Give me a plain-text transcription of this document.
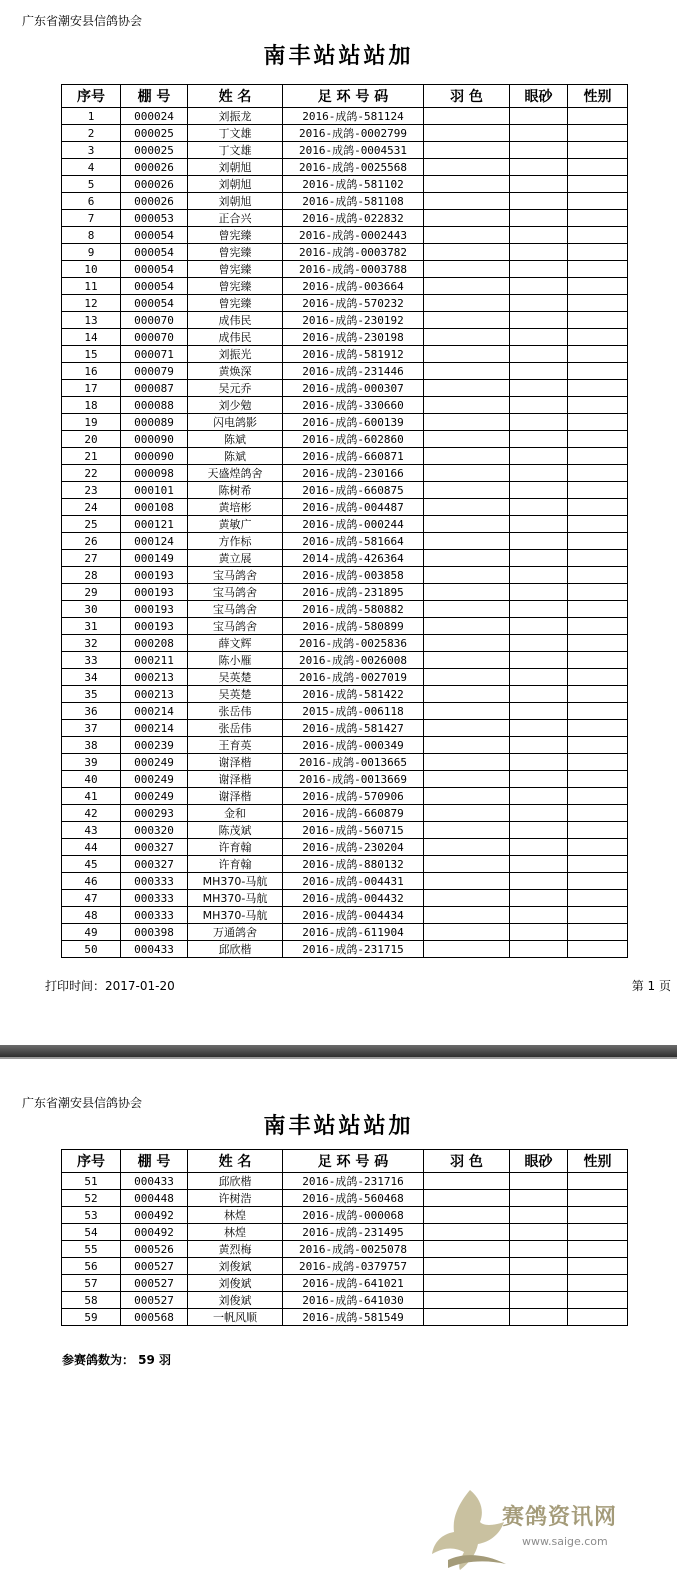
广东省潮安县信鸽协会
南丰站站站加
序号	棚 号	姓 名	足 环 号 码	羽 色	眼砂	性别
1	000024	刘振龙	2016-成鸽-581124			
2	000025	丁文雄	2016-成鸽-0002799			
3	000025	丁文雄	2016-成鸽-0004531			
4	000026	刘朝旭	2016-成鸽-0025568			
5	000026	刘朝旭	2016-成鸽-581102			
6	000026	刘朝旭	2016-成鸽-581108			
7	000053	正合兴	2016-成鸽-022832			
8	000054	曾宪臻	2016-成鸽-0002443			
9	000054	曾宪臻	2016-成鸽-0003782			
10	000054	曾宪臻	2016-成鸽-0003788			
11	000054	曾宪臻	2016-成鸽-003664			
12	000054	曾宪臻	2016-成鸽-570232			
13	000070	成伟民	2016-成鸽-230192			
14	000070	成伟民	2016-成鸽-230198			
15	000071	刘振光	2016-成鸽-581912			
16	000079	黄焕深	2016-成鸽-231446			
17	000087	吴元乔	2016-成鸽-000307			
18	000088	刘少勉	2016-成鸽-330660			
19	000089	闪电鸽影	2016-成鸽-600139			
20	000090	陈斌	2016-成鸽-602860			
21	000090	陈斌	2016-成鸽-660871			
22	000098	天盛煌鸽舍	2016-成鸽-230166			
23	000101	陈树希	2016-成鸽-660875			
24	000108	黄培彬	2016-成鸽-004487			
25	000121	黄敏广	2016-成鸽-000244			
26	000124	方作标	2016-成鸽-581664			
27	000149	黄立展	2014-成鸽-426364			
28	000193	宝马鸽舍	2016-成鸽-003858			
29	000193	宝马鸽舍	2016-成鸽-231895			
30	000193	宝马鸽舍	2016-成鸽-580882			
31	000193	宝马鸽舍	2016-成鸽-580899			
32	000208	薛文辉	2016-成鸽-0025836			
33	000211	陈小雁	2016-成鸽-0026008			
34	000213	吴英楚	2016-成鸽-0027019			
35	000213	吴英楚	2016-成鸽-581422			
36	000214	张岳伟	2015-成鸽-006118			
37	000214	张岳伟	2016-成鸽-581427			
38	000239	王育英	2016-成鸽-000349			
39	000249	谢泽楷	2016-成鸽-0013665			
40	000249	谢泽楷	2016-成鸽-0013669			
41	000249	谢泽楷	2016-成鸽-570906			
42	000293	金和	2016-成鸽-660879			
43	000320	陈茂斌	2016-成鸽-560715			
44	000327	许育翰	2016-成鸽-230204			
45	000327	许育翰	2016-成鸽-880132			
46	000333	MH370-马航	2016-成鸽-004431			
47	000333	MH370-马航	2016-成鸽-004432			
48	000333	MH370-马航	2016-成鸽-004434			
49	000398	万通鸽舍	2016-成鸽-611904			
50	000433	邱欣楷	2016-成鸽-231715			
打印时间：2017-01-20	第 1 页
广东省潮安县信鸽协会
南丰站站站加
序号	棚 号	姓 名	足 环 号 码	羽 色	眼砂	性别
51	000433	邱欣楷	2016-成鸽-231716			
52	000448	许树浩	2016-成鸽-560468			
53	000492	林煌	2016-成鸽-000068			
54	000492	林煌	2016-成鸽-231495			
55	000526	黄烈梅	2016-成鸽-0025078			
56	000527	刘俊斌	2016-成鸽-0379757			
57	000527	刘俊斌	2016-成鸽-641021			
58	000527	刘俊斌	2016-成鸽-641030			
59	000568	一帆风顺	2016-成鸽-581549			
参赛鸽数为： 59 羽
赛鸽资讯网
www.saige.com
